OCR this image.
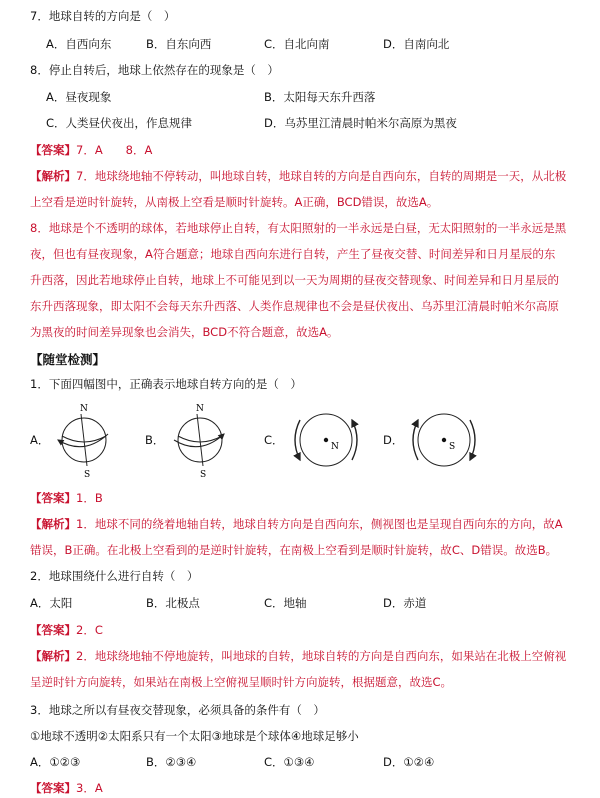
7．地球自转的方向是（　）
A．自西向东	B．自东向西	C．自北向南	D．自南向北
8．停止自转后，地球上依然存在的现象是（　）
A．昼夜现象	B．太阳每天东升西落
C．人类昼伏夜出，作息规律	D．乌苏里江清晨时帕米尔高原为黑夜
【答案】7．A　　8．A
【解析】7．地球绕地轴不停转动，叫地球自转，地球自转的方向是自西向东，自转的周期是一天，从北极
上空看是逆时针旋转，从南极上空看是顺时针旋转。A正确，BCD错误，故选A。
8．地球是个不透明的球体，若地球停止自转，有太阳照射的一半永远是白昼，无太阳照射的一半永远是黑
夜，但也有昼夜现象，A符合题意；地球自西向东进行自转，产生了昼夜交替、时间差异和日月星辰的东
升西落，因此若地球停止自转，地球上不可能见到以一天为周期的昼夜交替现象、时间差异和日月星辰的
东升西落现象，即太阳不会每天东升西落、人类作息规律也不会是昼伏夜出、乌苏里江清晨时帕米尔高原
为黑夜的时间差异现象也会消失，BCD不符合题意，故选A。
【随堂检测】
1．下面四幅图中，正确表示地球自转方向的是（　）
A．	B．	C．	D．
N
S
N
S
N	S
【答案】1．B
【解析】1．地球不同的绕着地轴自转，地球自转方向是自西向东，侧视图也是呈现自西向东的方向，故A
错误，B正确。在北极上空看到的是逆时针旋转，在南极上空看到是顺时针旋转，故C、D错误。故选B。
2．地球围绕什么进行自转（　）
A．太阳	B．北极点	C．地轴	D．赤道
【答案】2．C
【解析】2．地球绕地轴不停地旋转，叫地球的自转，地球自转的方向是自西向东，如果站在北极上空俯视
呈逆时针方向旋转，如果站在南极上空俯视呈顺时针方向旋转，根据题意，故选C。
3．地球之所以有昼夜交替现象，必须具备的条件有（　）
①地球不透明②太阳系只有一个太阳③地球是个球体④地球足够小
A．①②③	B．②③④	C．①③④	D．①②④
【答案】3．A
